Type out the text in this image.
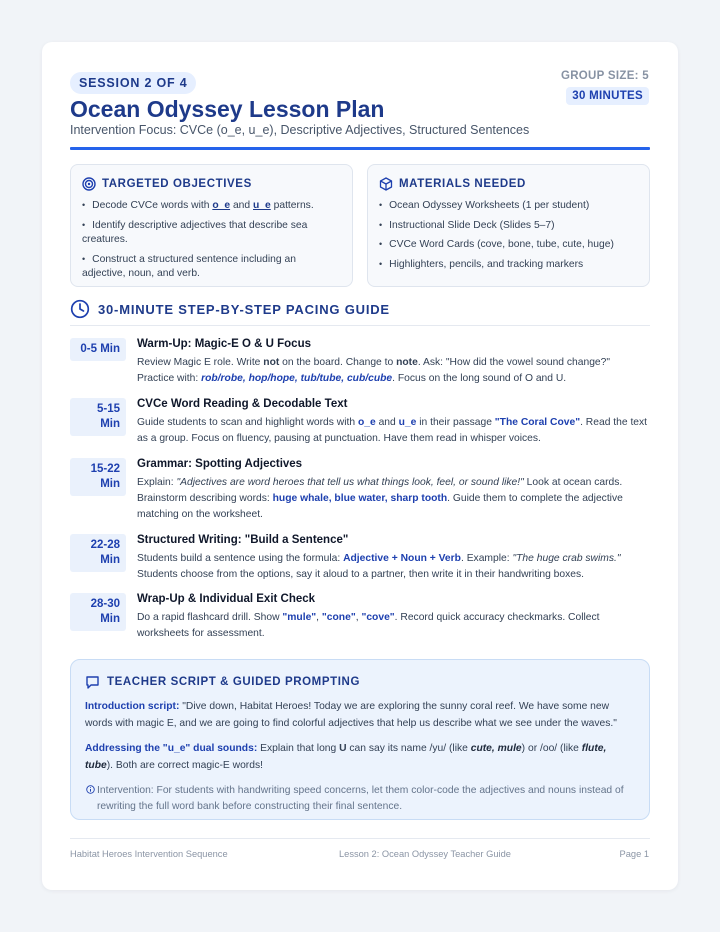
SESSION 2 OF 4	GROUP SIZE: 5
30 MINUTES
Ocean Odyssey Lesson Plan
Intervention Focus: CVCe (o_e, u_e), Descriptive Adjectives, Structured Sentences
TARGETED OBJECTIVES
• Decode CVCe words with o_e and u_e patterns.
• Identify descriptive adjectives that describe sea creatures.
• Construct a structured sentence including an adjective, noun, and verb.
MATERIALS NEEDED
• Ocean Odyssey Worksheets (1 per student)
• Instructional Slide Deck (Slides 5–7)
• CVCe Word Cards (cove, bone, tube, cute, huge)
• Highlighters, pencils, and tracking markers
30-MINUTE STEP-BY-STEP PACING GUIDE
0-5 Min	Warm-Up: Magic-E O & U Focus
Review Magic E role. Write not on the board. Change to note. Ask: "How did the vowel sound change?" Practice with: rob/robe, hop/hope, tub/tube, cub/cube. Focus on the long sound of O and U.
5-15
Min
CVCe Word Reading & Decodable Text
Guide students to scan and highlight words with o_e and u_e in their passage "The Coral Cove". Read the text as a group. Focus on fluency, pausing at punctuation. Have them read in whisper voices.
15-22
Min
Grammar: Spotting Adjectives
Explain: "Adjectives are word heroes that tell us what things look, feel, or sound like!" Look at ocean cards. Brainstorm describing words: huge whale, blue water, sharp tooth. Guide them to complete the adjective matching on the worksheet.
22-28
Min
Structured Writing: "Build a Sentence"
Students build a sentence using the formula: Adjective + Noun + Verb. Example: "The huge crab swims." Students choose from the options, say it aloud to a partner, then write it in their handwriting boxes.
28-30
Min
Wrap-Up & Individual Exit Check
Do a rapid flashcard drill. Show "mule", "cone", "cove". Record quick accuracy checkmarks. Collect worksheets for assessment.
TEACHER SCRIPT & GUIDED PROMPTING

Introduction script: "Dive down, Habitat Heroes! Today we are exploring the sunny coral reef. We have some new words with magic E, and we are going to find colorful adjectives that help us describe what we see under the waves."

Addressing the "u_e" dual sounds: Explain that long U can say its name /yu/ (like cute, mule) or /oo/ (like flute, tube). Both are correct magic-E words!

Intervention: For students with handwriting speed concerns, let them color-code the adjectives and nouns instead of rewriting the full word bank before constructing their final sentence.
Habitat Heroes Intervention Sequence	Lesson 2: Ocean Odyssey Teacher Guide	Page 1
